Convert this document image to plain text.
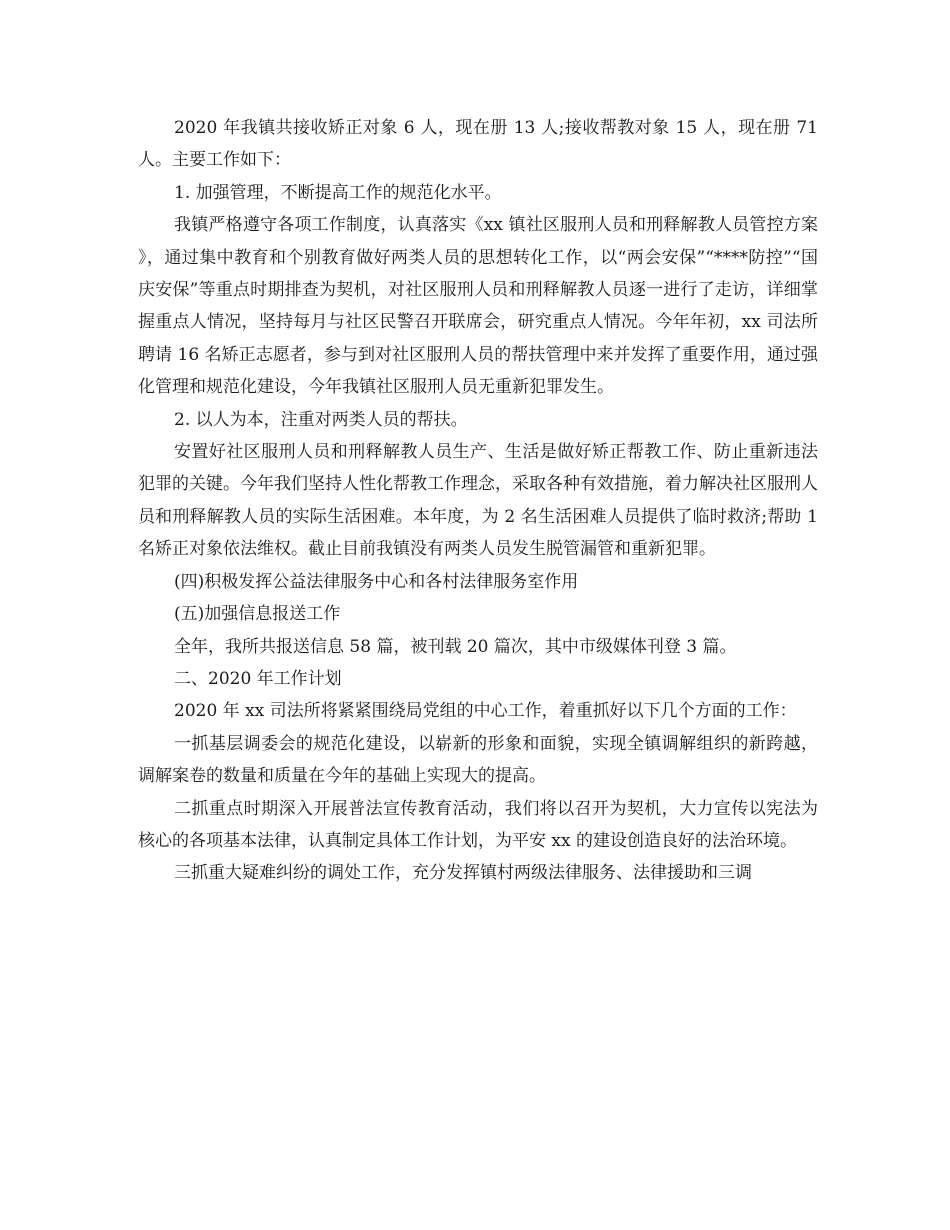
2020 年我镇共接收矫正对象 6 人，现在册 13 人;接收帮教对象 15 人，现在册 71 人。主要工作如下：

1. 加强管理，不断提高工作的规范化水平。

我镇严格遵守各项工作制度，认真落实《xx 镇社区服刑人员和刑释解教人员管控方案 》，通过集中教育和个别教育做好两类人员的思想转化工作，以“两会安保”“****防控”“国庆安保”等重点时期排查为契机，对社区服刑人员和刑释解教人员逐一进行了走访，详细掌握重点人情况，坚持每月与社区民警召开联席会，研究重点人情况。今年年初，xx 司法所聘请 16 名矫正志愿者，参与到对社区服刑人员的帮扶管理中来并发挥了重要作用，通过强化管理和规范化建设，今年我镇社区服刑人员无重新犯罪发生。

2. 以人为本，注重对两类人员的帮扶。

安置好社区服刑人员和刑释解教人员生产、生活是做好矫正帮教工作、防止重新违法犯罪的关键。今年我们坚持人性化帮教工作理念，采取各种有效措施，着力解决社区服刑人员和刑释解教人员的实际生活困难。本年度，为 2 名生活困难人员提供了临时救济;帮助 1 名矫正对象依法维权。截止目前我镇没有两类人员发生脱管漏管和重新犯罪。

(四)积极发挥公益法律服务中心和各村法律服务室作用

(五)加强信息报送工作

全年，我所共报送信息 58 篇，被刊载 20 篇次，其中市级媒体刊登 3 篇。

二、2020 年工作计划

2020 年 xx 司法所将紧紧围绕局党组的中心工作，着重抓好以下几个方面的工作：

一抓基层调委会的规范化建设，以崭新的形象和面貌，实现全镇调解组织的新跨越，调解案卷的数量和质量在今年的基础上实现大的提高。

二抓重点时期深入开展普法宣传教育活动，我们将以召开为契机，大力宣传以宪法为核心的各项基本法律，认真制定具体工作计划，为平安 xx 的建设创造良好的法治环境。

三抓重大疑难纠纷的调处工作，充分发挥镇村两级法律服务、法律援助和三调
